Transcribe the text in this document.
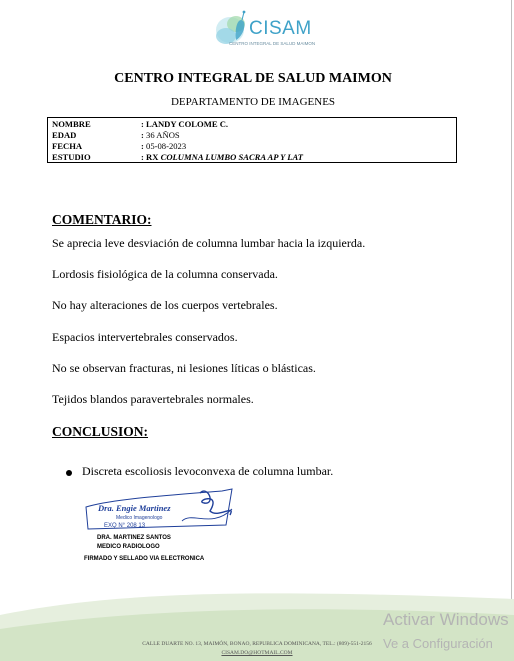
CISAM
CENTRO INTEGRAL DE SALUD MAIMON
CENTRO INTEGRAL DE SALUD MAIMON
DEPARTAMENTO DE IMAGENES
NOMBRE	: LANDY COLOME C.
EDAD	: 36 AÑOS
FECHA	: 05-08-2023
ESTUDIO	: RX COLUMNA LUMBO SACRA AP Y LAT
COMENTARIO:
Se aprecia leve desviación de columna lumbar hacia la izquierda.
Lordosis fisiológica de la columna conservada.
No hay alteraciones de los cuerpos vertebrales.
Espacios intervertebrales conservados.
No se observan fracturas, ni lesiones líticas o blásticas.
Tejidos blandos paravertebrales normales.
CONCLUSION:
Discreta escoliosis levoconvexa de columna lumbar.
Dra. Engie Martinez
Medico Imagenologo
EXQ N° 208 13
DRA. MARTINEZ SANTOS
MEDICO RADIOLOGO
FIRMADO Y SELLADO VIA ELECTRONICA
CALLE DUARTE NO. 13, MAIMÓN, BONAO, REPUBLICA DOMINICANA, TEL.: (809)-551-2156
CISAM.DO@HOTMAIL.COM
Activar Windows
Ve a Configuración
